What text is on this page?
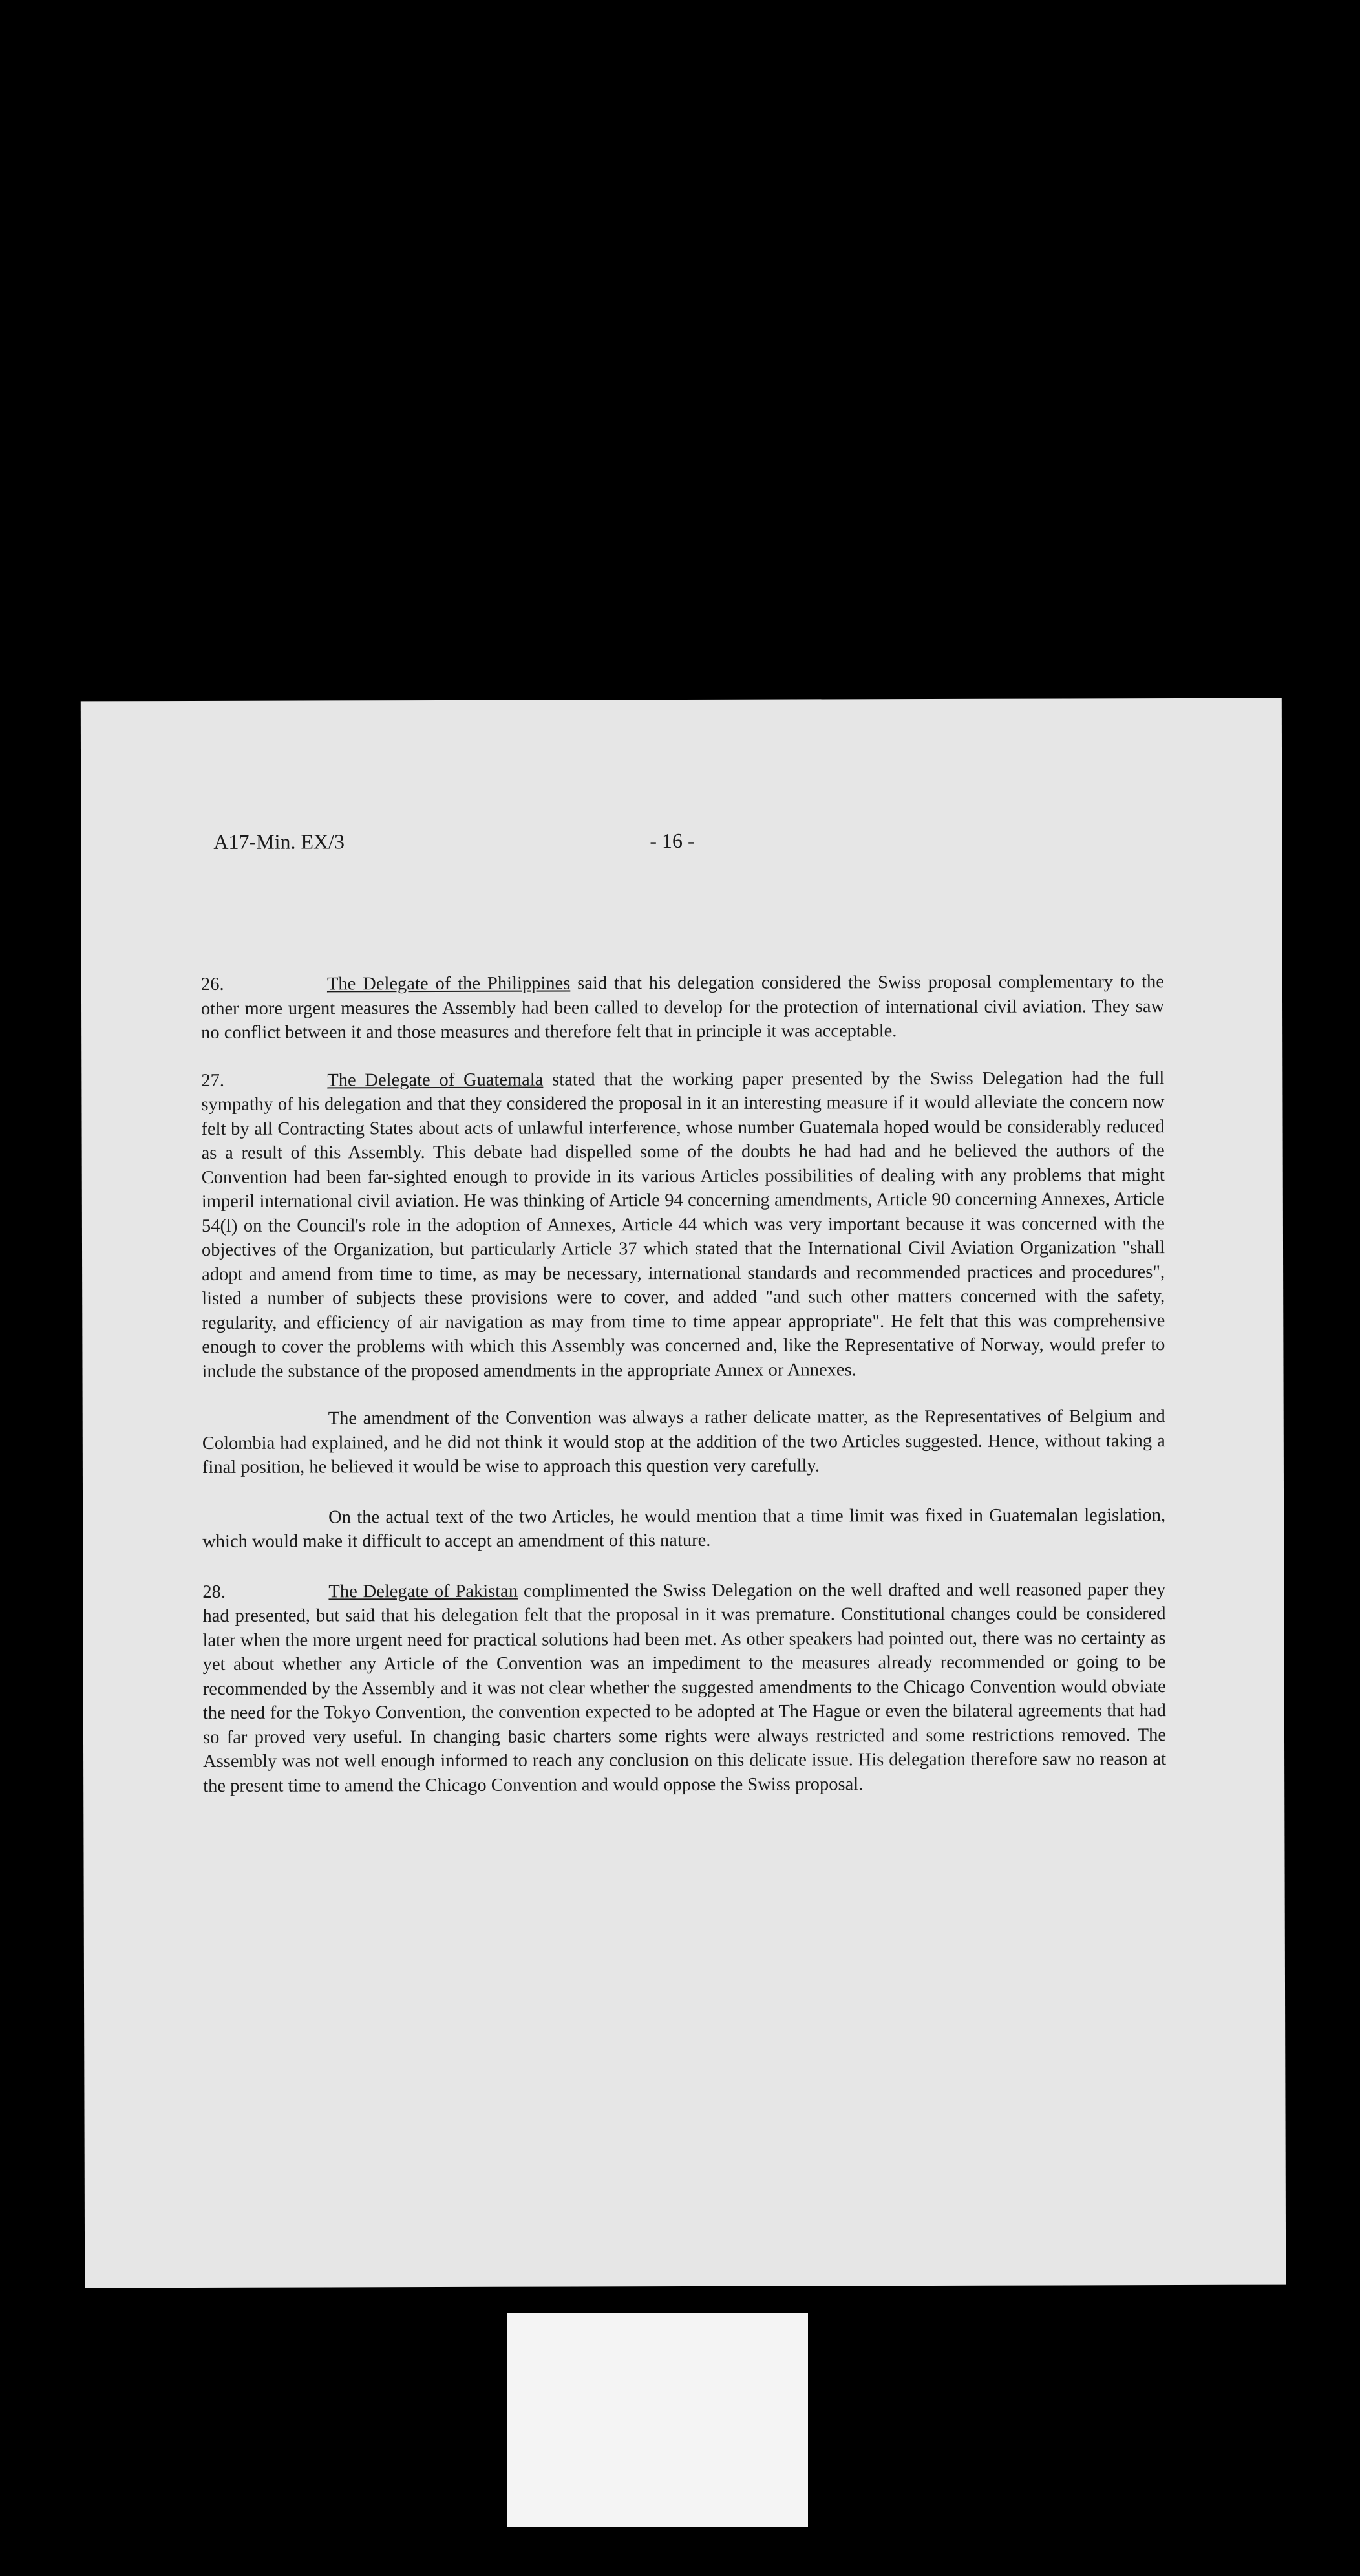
A17-Min. EX/3	- 16 -

26.	The Delegate of the Philippines said that his delegation considered the Swiss proposal complementary to the other more urgent measures the Assembly had been called to develop for the protection of international civil aviation. They saw no conflict between it and those measures and therefore felt that in principle it was acceptable.

27.	The Delegate of Guatemala stated that the working paper presented by the Swiss Delegation had the full sympathy of his delegation and that they considered the proposal in it an interesting measure if it would alleviate the concern now felt by all Contracting States about acts of unlawful interference, whose number Guatemala hoped would be considerably reduced as a result of this Assembly. This debate had dispelled some of the doubts he had had and he believed the authors of the Convention had been far-sighted enough to provide in its various Articles possibilities of dealing with any problems that might imperil international civil aviation. He was thinking of Article 94 concerning amendments, Article 90 concerning Annexes, Article 54(l) on the Council's role in the adoption of Annexes, Article 44 which was very important because it was concerned with the objectives of the Organization, but particularly Article 37 which stated that the International Civil Aviation Organization "shall adopt and amend from time to time, as may be necessary, international standards and recommended practices and procedures", listed a number of subjects these provisions were to cover, and added "and such other matters concerned with the safety, regularity, and efficiency of air navigation as may from time to time appear appropriate". He felt that this was comprehensive enough to cover the problems with which this Assembly was concerned and, like the Representative of Norway, would prefer to include the substance of the proposed amendments in the appropriate Annex or Annexes.

The amendment of the Convention was always a rather delicate matter, as the Representatives of Belgium and Colombia had explained, and he did not think it would stop at the addition of the two Articles suggested. Hence, without taking a final position, he believed it would be wise to approach this question very carefully.

On the actual text of the two Articles, he would mention that a time limit was fixed in Guatemalan legislation, which would make it difficult to accept an amendment of this nature.

28.	The Delegate of Pakistan complimented the Swiss Delegation on the well drafted and well reasoned paper they had presented, but said that his delegation felt that the proposal in it was premature. Constitutional changes could be considered later when the more urgent need for practical solutions had been met. As other speakers had pointed out, there was no certainty as yet about whether any Article of the Convention was an impediment to the measures already recommended or going to be recommended by the Assembly and it was not clear whether the suggested amendments to the Chicago Convention would obviate the need for the Tokyo Convention, the convention expected to be adopted at The Hague or even the bilateral agreements that had so far proved very useful. In changing basic charters some rights were always restricted and some restrictions removed. The Assembly was not well enough informed to reach any conclusion on this delicate issue. His delegation therefore saw no reason at the present time to amend the Chicago Convention and would oppose the Swiss proposal.
